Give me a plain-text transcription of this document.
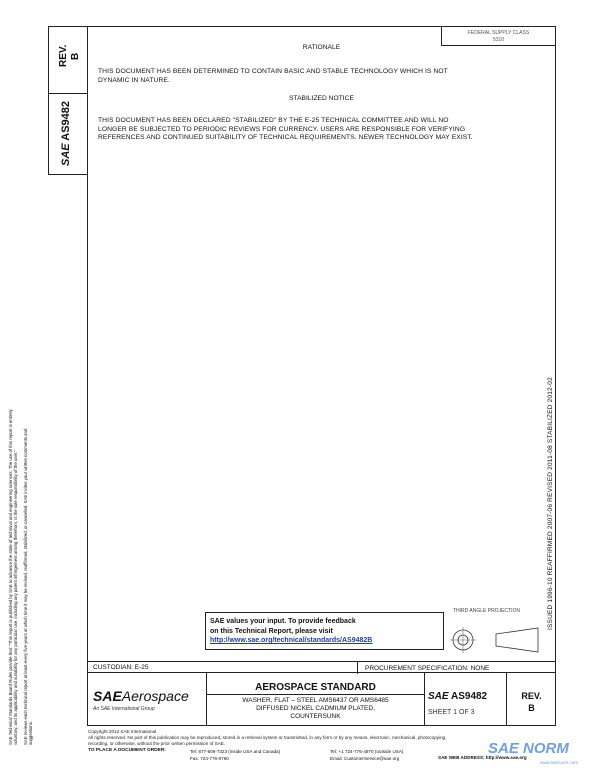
FEDERAL SUPPLY CLASS
5310
REV. B
SAE AS9482
RATIONALE
THIS DOCUMENT HAS BEEN DETERMINED TO CONTAIN BASIC AND STABLE TECHNOLOGY WHICH IS NOT
DYNAMIC IN NATURE.
STABILIZED NOTICE
THIS DOCUMENT HAS BEEN DECLARED "STABILIZED" BY THE E-25 TECHNICAL COMMITTEE AND WILL NO
LONGER BE SUBJECTED TO PERIODIC REVIEWS FOR CURRENCY. USERS ARE RESPONSIBLE FOR VERIFYING
REFERENCES AND CONTINUED SUITABILITY OF TECHNICAL REQUIREMENTS. NEWER TECHNOLOGY MAY EXIST.
ISSUED 1996-10 REAFFIRMED 2007-06 REVISED 2011-08 STABILIZED 2012-02
SAE Technical Standards Board Rules provide that: "This report is published by SAE to advance the state of technical and engineering sciences. The use of this report is entirely voluntary, and its applicability and suitability for any particular use, including any patent infringement arising therefrom, is the sole responsibility of the user." SAE reviews each technical report at least every five years at which time it may be revised, reaffirmed, stabilized, or cancelled. SAE invites your written comments and suggestions.
SAE values your input. To provide feedback
on this Technical Report, please visit
http://www.sae.org/technical/standards/AS9482B
THIRD ANGLE PROJECTION
CUSTODIAN: E-25	PROCUREMENT SPECIFICATION: NONE
SAEAerospace
An SAE International Group
AEROSPACE STANDARD
WASHER, FLAT – STEEL AMS6437 OR AMS6485
DIFFUSED NICKEL CADMIUM PLATED,
COUNTERSUNK
SAE AS9482
SHEET 1 OF 3
REV.
B
Copyright 2012 SAE International
All rights reserved. No part of this publication may be reproduced, stored in a retrieval system or transmitted, in any form or by any means, electronic, mechanical, photocopying,
recording, or otherwise, without the prior written permission of SAE.
TO PLACE A DOCUMENT ORDER:	Tel: 877-606-7323 (inside USA and Canada)
Fax: 724-776-0790
Tel: +1 724-776-4970 (outside USA)
Email: CustomerService@sae.org	SAE WEB ADDRESS: http://www.sae.org
SAE NORM
www.saenorm.com
